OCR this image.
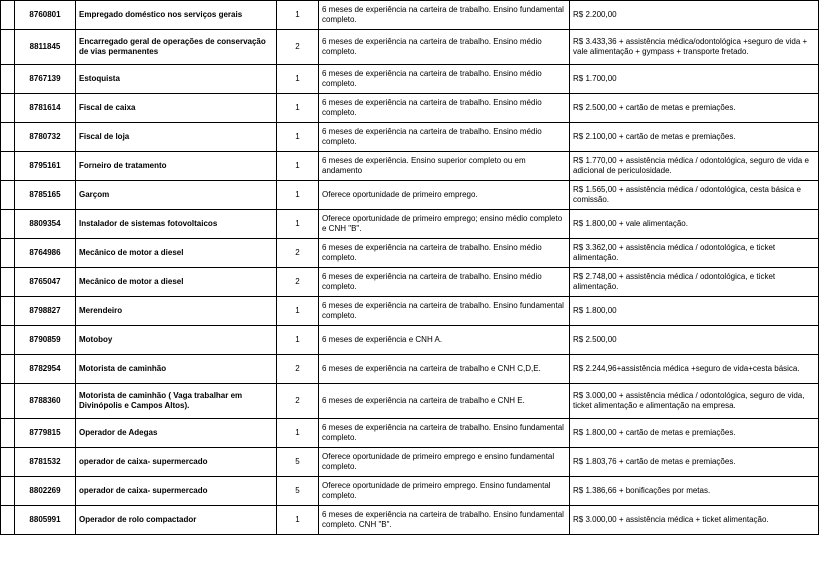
	8760801	Empregado doméstico nos serviços gerais	1	6 meses de experiência na carteira de trabalho. Ensino fundamental completo.	R$ 2.200,00
	8811845	Encarregado geral de operações de conservação de vias permanentes	2	6 meses de experiência na carteira de trabalho. Ensino médio completo.	R$ 3.433,36 + assistência médica/odontológica +seguro de vida + vale alimentação + gympass + transporte fretado.
	8767139	Estoquista	1	6 meses de experiência na carteira de trabalho. Ensino médio completo.	R$ 1.700,00
	8781614	Fiscal de caixa	1	6 meses de experiência na carteira de trabalho. Ensino médio completo.	R$ 2.500,00 + cartão de metas e premiações.
	8780732	Fiscal de loja	1	6 meses de experiência na carteira de trabalho. Ensino médio completo.	R$ 2.100,00 + cartão de metas e premiações.
	8795161	Forneiro de tratamento	1	6 meses de experiência. Ensino superior completo ou em andamento	R$ 1.770,00 + assistência médica / odontológica, seguro de vida e adicional de periculosidade.
	8785165	Garçom	1	Oferece oportunidade de primeiro emprego.	R$ 1.565,00 + assistência médica / odontológica, cesta básica e comissão.
	8809354	Instalador de sistemas fotovoltaicos	1	Oferece oportunidade de primeiro emprego; ensino médio completo e CNH "B".	R$ 1.800,00 + vale alimentação.
	8764986	Mecânico de motor a diesel	2	6 meses de experiência na carteira de trabalho. Ensino médio completo.	R$ 3.362,00 + assistência médica / odontológica, e ticket alimentação.
	8765047	Mecânico de motor a diesel	2	6 meses de experiência na carteira de trabalho. Ensino médio completo.	R$ 2.748,00 + assistência médica / odontológica, e ticket alimentação.
	8798827	Merendeiro	1	6 meses de experiência na carteira de trabalho. Ensino fundamental completo.	R$ 1.800,00
	8790859	Motoboy	1	6 meses de experiência e CNH A.	R$ 2.500,00
	8782954	Motorista de caminhão	2	6 meses de experiência na carteira de trabalho e CNH C,D,E.	R$ 2.244,96+assistência médica +seguro de vida+cesta básica.
	8788360	Motorista de caminhão ( Vaga trabalhar em Divinópolis e Campos Altos).	2	6 meses de experiência na carteira de trabalho e CNH E.	R$ 3.000,00 + assistência médica / odontológica, seguro de vida, ticket alimentação e alimentação na empresa.
	8779815	Operador de Adegas	1	6 meses de experiência na carteira de trabalho. Ensino fundamental completo.	R$ 1.800,00 + cartão de metas e premiações.
	8781532	operador de caixa- supermercado	5	Oferece oportunidade de primeiro emprego e ensino fundamental completo.	R$ 1.803,76 + cartão de metas e premiações.
	8802269	operador de caixa- supermercado	5	Oferece oportunidade de primeiro emprego. Ensino fundamental completo.	R$ 1.386,66 + bonificações por metas.
	8805991	Operador de rolo compactador	1	6 meses de experiência na carteira de trabalho. Ensino fundamental completo. CNH "B".	R$ 3.000,00 + assistência médica + ticket alimentação.
